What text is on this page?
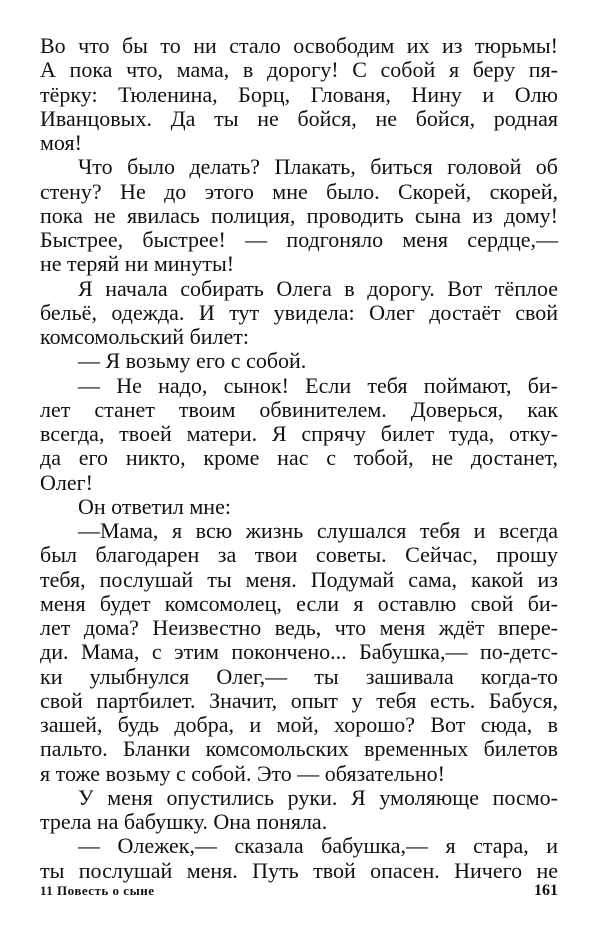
Во что бы то ни стало освободим их из тюрьмы!
А пока что, мама, в дорогу! С собой я беру пя-
тёрку: Тюленина, Борц, Глованя, Нину и Олю
Иванцовых. Да ты не бойся, не бойся, родная
моя!
Что было делать? Плакать, биться головой об
стену? Не до этого мне было. Скорей, скорей,
пока не явилась полиция, проводить сына из дому!
Быстрее, быстрее! — подгоняло меня сердце,—
не теряй ни минуты!
Я начала собирать Олега в дорогу. Вот тёплое
бельё, одежда. И тут увидела: Олег достаёт свой
комсомольский билет:
— Я возьму его с собой.
— Не надо, сынок! Если тебя поймают, би-
лет станет твоим обвинителем. Доверься, как
всегда, твоей матери. Я спрячу билет туда, отку-
да его никто, кроме нас с тобой, не достанет,
Олег!
Он ответил мне:
—Мама, я всю жизнь слушался тебя и всегда
был благодарен за твои советы. Сейчас, прошу
тебя, послушай ты меня. Подумай сама, какой из
меня будет комсомолец, если я оставлю свой би-
лет дома? Неизвестно ведь, что меня ждёт впере-
ди. Мама, с этим покончено... Бабушка,— по-детс-
ки улыбнулся Олег,— ты зашивала когда-то
свой партбилет. Значит, опыт у тебя есть. Бабуся,
зашей, будь добра, и мой, хорошо? Вот сюда, в
пальто. Бланки комсомольских временных билетов
я тоже возьму с собой. Это — обязательно!
У меня опустились руки. Я умоляюще посмо-
трела на бабушку. Она поняла.
— Олежек,— сказала бабушка,— я стара, и
ты послушай меня. Путь твой опасен. Ничего не
11 Повесть о сыне	161
